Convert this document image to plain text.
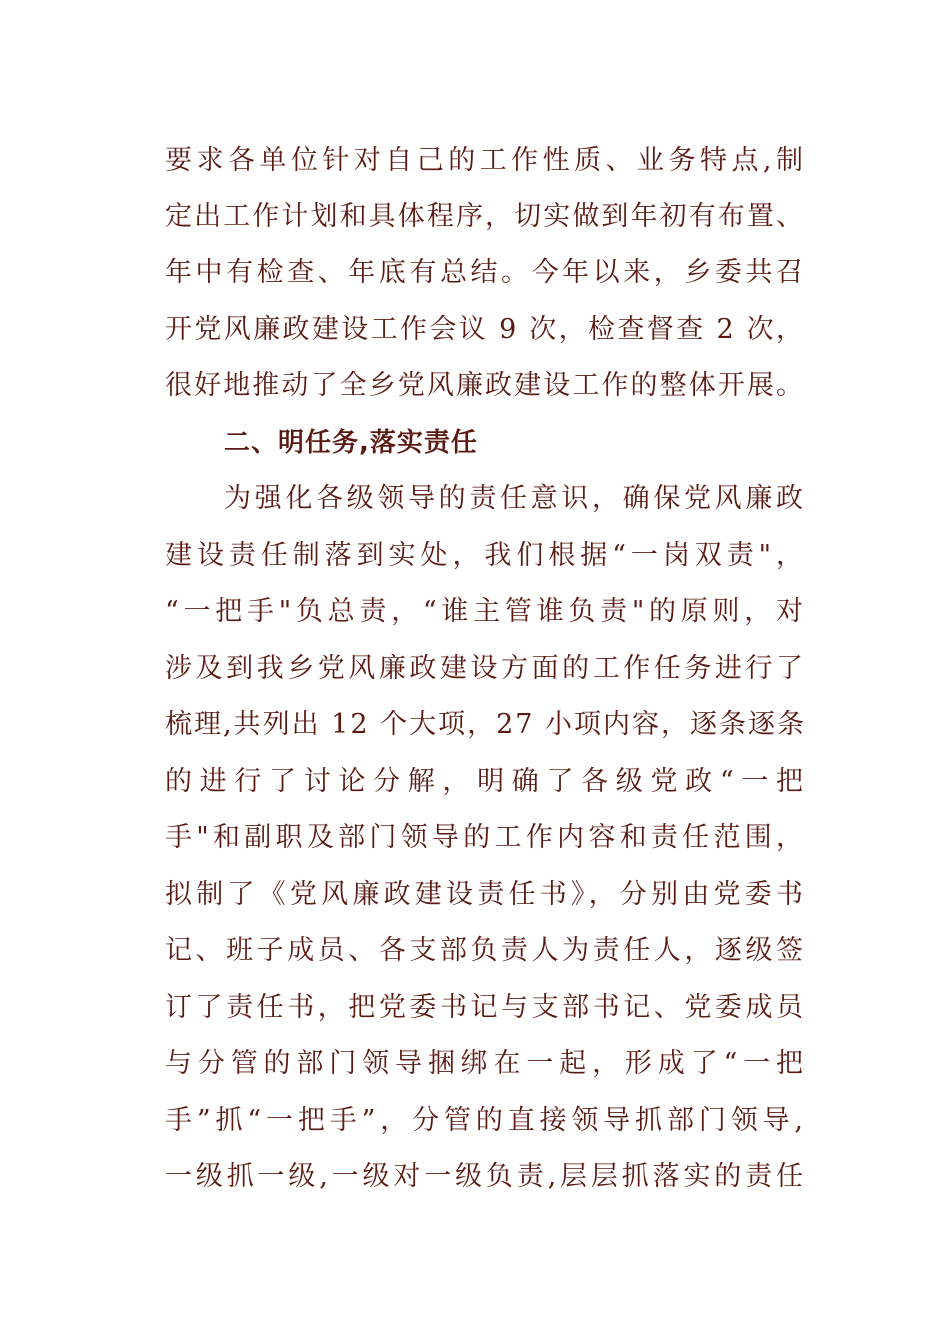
要求各单位针对自己的工作性质、业务特点,制
定出工作计划和具体程序，切实做到年初有布置、
年中有检查、年底有总结。今年以来，乡委共召
开党风廉政建设工作会议 9 次，检查督查 2 次，
很好地推动了全乡党风廉政建设工作的整体开展。
二、明任务,落实责任
为强化各级领导的责任意识，确保党风廉政
建设责任制落到实处，我们根据“一岗双责"，
“一把手"负总责，“谁主管谁负责"的原则，对
涉及到我乡党风廉政建设方面的工作任务进行了
梳理,共列出 12 个大项，27 小项内容，逐条逐条
的进行了讨论分解，明确了各级党政“一把
手"和副职及部门领导的工作内容和责任范围，
拟制了《党风廉政建设责任书》，分别由党委书
记、班子成员、各支部负责人为责任人，逐级签
订了责任书，把党委书记与支部书记、党委成员
与分管的部门领导捆绑在一起，形成了“一把
手”抓“一把手”，分管的直接领导抓部门领导,
一级抓一级,一级对一级负责,层层抓落实的责任
